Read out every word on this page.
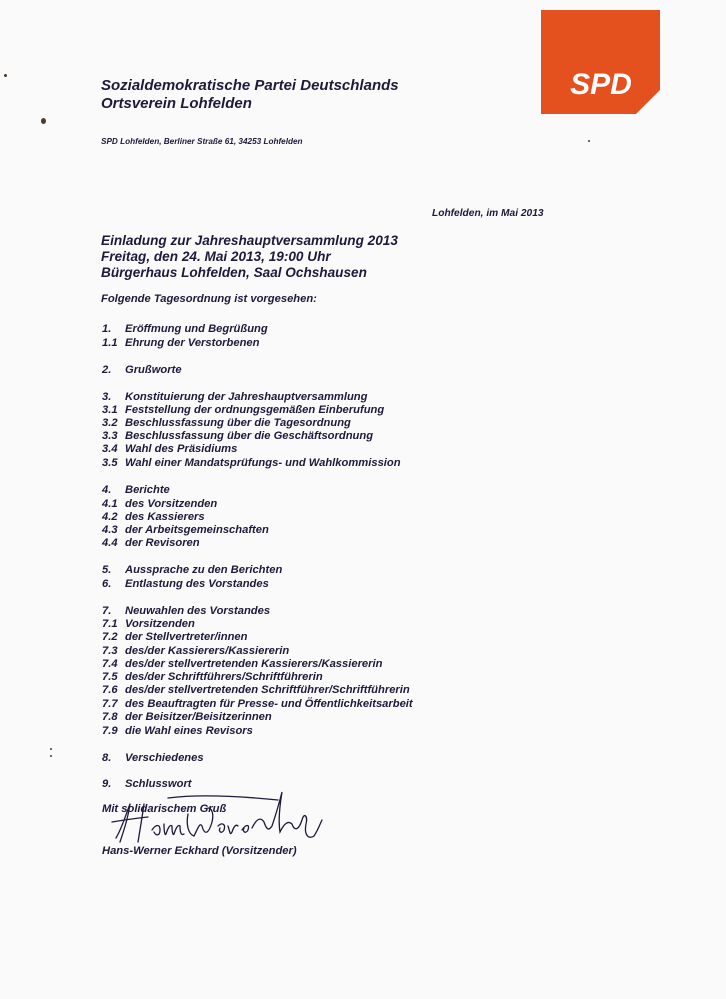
SPD
Sozialdemokratische Partei Deutschlands
Ortsverein Lohfelden
SPD Lohfelden, Berliner Straße 61, 34253 Lohfelden
Lohfelden, im Mai 2013
Einladung zur Jahreshauptversammlung 2013
Freitag, den 24. Mai 2013, 19:00 Uhr
Bürgerhaus Lohfelden, Saal Ochshausen
Folgende Tagesordnung ist vorgesehen:
1. Eröffmung und Begrüßung
1.1 Ehrung der Verstorbenen
2. Grußworte
3. Konstituierung der Jahreshauptversammlung
3.1 Feststellung der ordnungsgemäßen Einberufung
3.2 Beschlussfassung über die Tagesordnung
3.3 Beschlussfassung über die Geschäftsordnung
3.4 Wahl des Präsidiums
3.5 Wahl einer Mandatsprüfungs- und Wahlkommission
4. Berichte
4.1 des Vorsitzenden
4.2 des Kassierers
4.3 der Arbeitsgemeinschaften
4.4 der Revisoren
5. Aussprache zu den Berichten
6. Entlastung des Vorstandes
7. Neuwahlen des Vorstandes
7.1 Vorsitzenden
7.2 der Stellvertreter/innen
7.3 des/der Kassierers/Kassiererin
7.4 des/der stellvertretenden Kassierers/Kassiererin
7.5 des/der Schriftführers/Schriftführerin
7.6 des/der stellvertretenden Schriftführer/Schriftführerin
7.7 des Beauftragten für Presse- und Öffentlichkeitsarbeit
7.8 der Beisitzer/Beisitzerinnen
7.9 die Wahl eines Revisors
8. Verschiedenes
9. Schlusswort
Mit solidarischem Gruß
Hans-Werner Eckhard (Vorsitzender)
